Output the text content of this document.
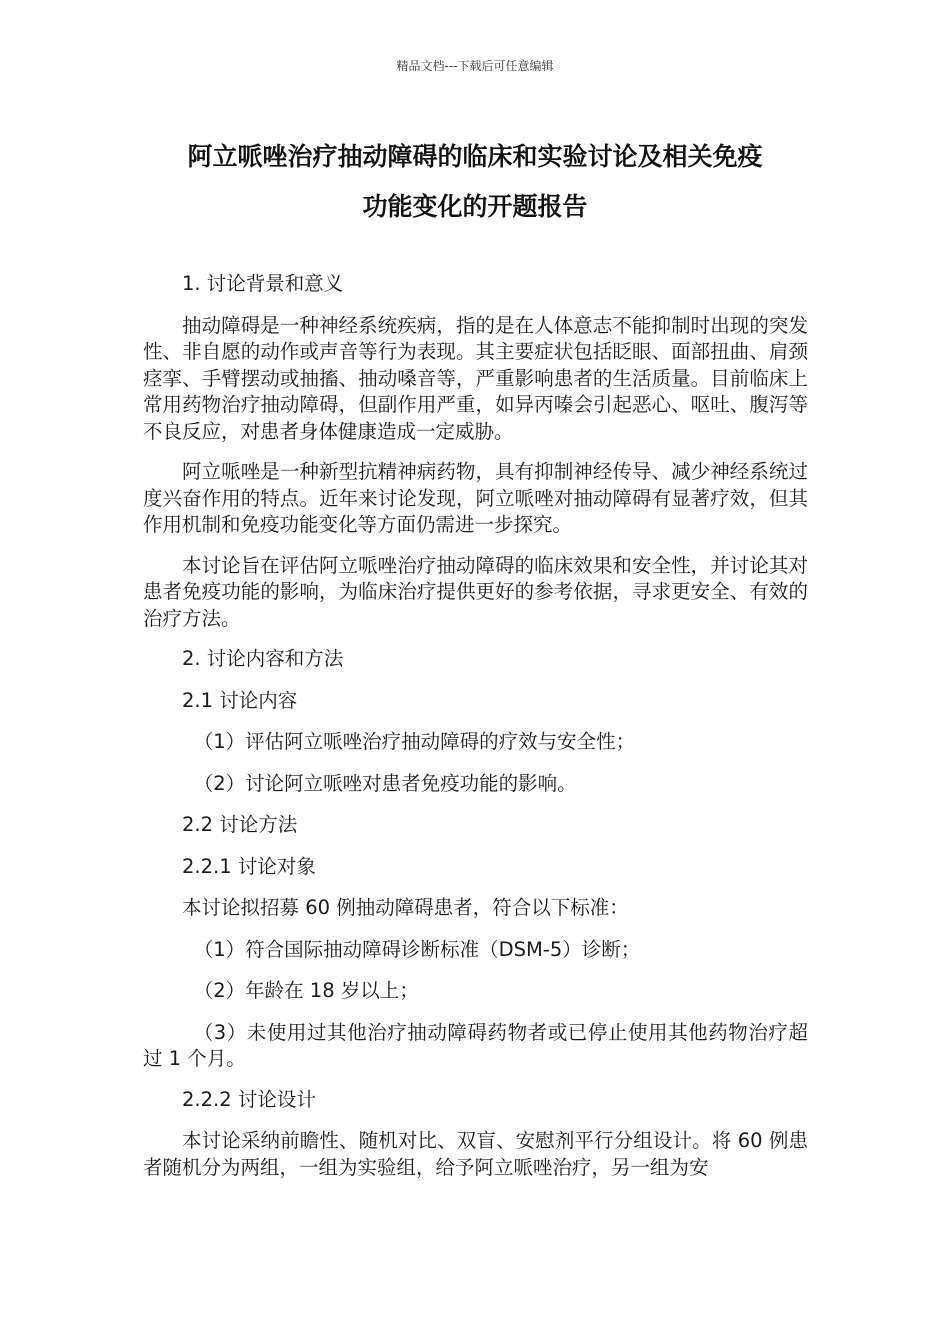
精品文档---下载后可任意编辑
阿立哌唑治疗抽动障碍的临床和实验讨论及相关免疫
功能变化的开题报告
1. 讨论背景和意义

抽动障碍是一种神经系统疾病，指的是在人体意志不能抑制时出现的突发性、非自愿的动作或声音等行为表现。其主要症状包括眨眼、面部扭曲、肩颈痉挛、手臂摆动或抽搐、抽动嗓音等，严重影响患者的生活质量。目前临床上常用药物治疗抽动障碍，但副作用严重，如异丙嗪会引起恶心、呕吐、腹泻等不良反应，对患者身体健康造成一定威胁。

阿立哌唑是一种新型抗精神病药物，具有抑制神经传导、减少神经系统过度兴奋作用的特点。近年来讨论发现，阿立哌唑对抽动障碍有显著疗效，但其作用机制和免疫功能变化等方面仍需进一步探究。

本讨论旨在评估阿立哌唑治疗抽动障碍的临床效果和安全性，并讨论其对患者免疫功能的影响，为临床治疗提供更好的参考依据，寻求更安全、有效的治疗方法。

2. 讨论内容和方法
2.1 讨论内容
（1）评估阿立哌唑治疗抽动障碍的疗效与安全性；
（2）讨论阿立哌唑对患者免疫功能的影响。
2.2 讨论方法
2.2.1 讨论对象
本讨论拟招募 60 例抽动障碍患者，符合以下标准：
（1）符合国际抽动障碍诊断标准（DSM-5）诊断；
（2）年龄在 18 岁以上；

（3）未使用过其他治疗抽动障碍药物者或已停止使用其他药物治疗超过 1 个月。

2.2.2 讨论设计

本讨论采纳前瞻性、随机对比、双盲、安慰剂平行分组设计。将 60 例患者随机分为两组，一组为实验组，给予阿立哌唑治疗，另一组为安
